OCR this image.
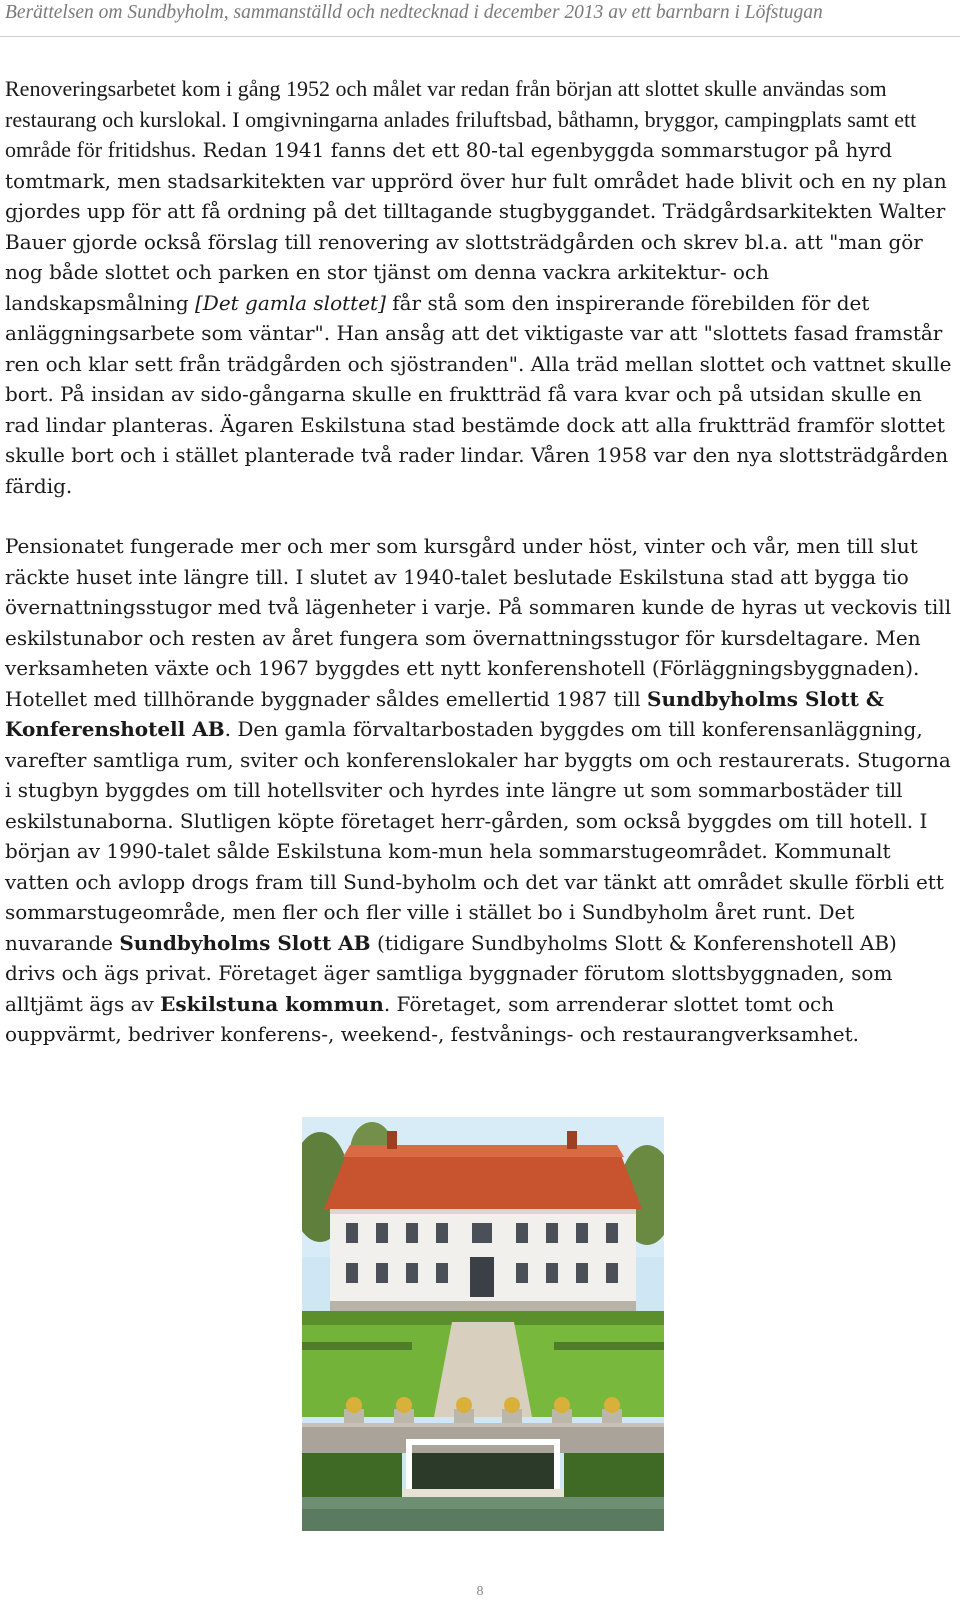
Berättelsen om Sundbyholm, sammanställd och nedtecknad i december 2013 av ett barnbarn i Löfstugan

Renoveringsarbetet kom i gång 1952 och målet var redan från början att slottet skulle användas som restaurang och kurslokal. I omgivningarna anlades friluftsbad, båthamn, bryggor, campingplats samt ett område för fritidshus. Redan 1941 fanns det ett 80-tal egenbyggda sommarstugor på hyrd tomtmark, men stadsarkitekten var upprörd över hur fult området hade blivit och en ny plan gjordes upp för att få ordning på det tilltagande stugbyggandet. Trädgårdsarkitekten Walter Bauer gjorde också förslag till renovering av slottsträdgården och skrev bl.a. att "man gör nog både slottet och parken en stor tjänst om denna vackra arkitektur- och landskapsmålning [Det gamla slottet] får stå som den inspirerande förebilden för det anläggningsarbete som väntar". Han ansåg att det viktigaste var att "slottets fasad framstår ren och klar sett från trädgården och sjöstranden". Alla träd mellan slottet och vattnet skulle bort. På insidan av sido-gångarna skulle en fruktträd få vara kvar och på utsidan skulle en rad lindar planteras. Ägaren Eskilstuna stad bestämde dock att alla fruktträd framför slottet skulle bort och i stället planterade två rader lindar. Våren 1958 var den nya slottsträdgården färdig.

Pensionatet fungerade mer och mer som kursgård under höst, vinter och vår, men till slut räckte huset inte längre till. I slutet av 1940-talet beslutade Eskilstuna stad att bygga tio övernattningsstugor med två lägenheter i varje. På sommaren kunde de hyras ut veckovis till eskilstunabor och resten av året fungera som övernattningsstugor för kursdeltagare. Men verksamheten växte och 1967 byggdes ett nytt konferenshotell (Förläggningsbyggnaden). Hotellet med tillhörande byggnader såldes emellertid 1987 till Sundbyholms Slott & Konferenshotell AB. Den gamla förvaltarbostaden byggdes om till konferensanläggning, varefter samtliga rum, sviter och konferenslokaler har byggts om och restaurerats. Stugorna i stugbyn byggdes om till hotellsviter och hyrdes inte längre ut som sommarbostäder till eskilstunaborna. Slutligen köpte företaget herr-gården, som också byggdes om till hotell. I början av 1990-talet sålde Eskilstuna kom-mun hela sommarstugeområdet. Kommunalt vatten och avlopp drogs fram till Sund-byholm och det var tänkt att området skulle förbli ett sommarstugeområde, men fler och fler ville i stället bo i Sundbyholm året runt. Det nuvarande Sundbyholms Slott AB (tidigare Sundbyholms Slott & Konferenshotell AB) drivs och ägs privat. Företaget äger samtliga byggnader förutom slottsbyggnaden, som alltjämt ägs av Eskilstuna kommun. Företaget, som arrenderar slottet tomt och ouppvärmt, bedriver konferens-, weekend-, festvånings- och restaurangverksamhet.

8
